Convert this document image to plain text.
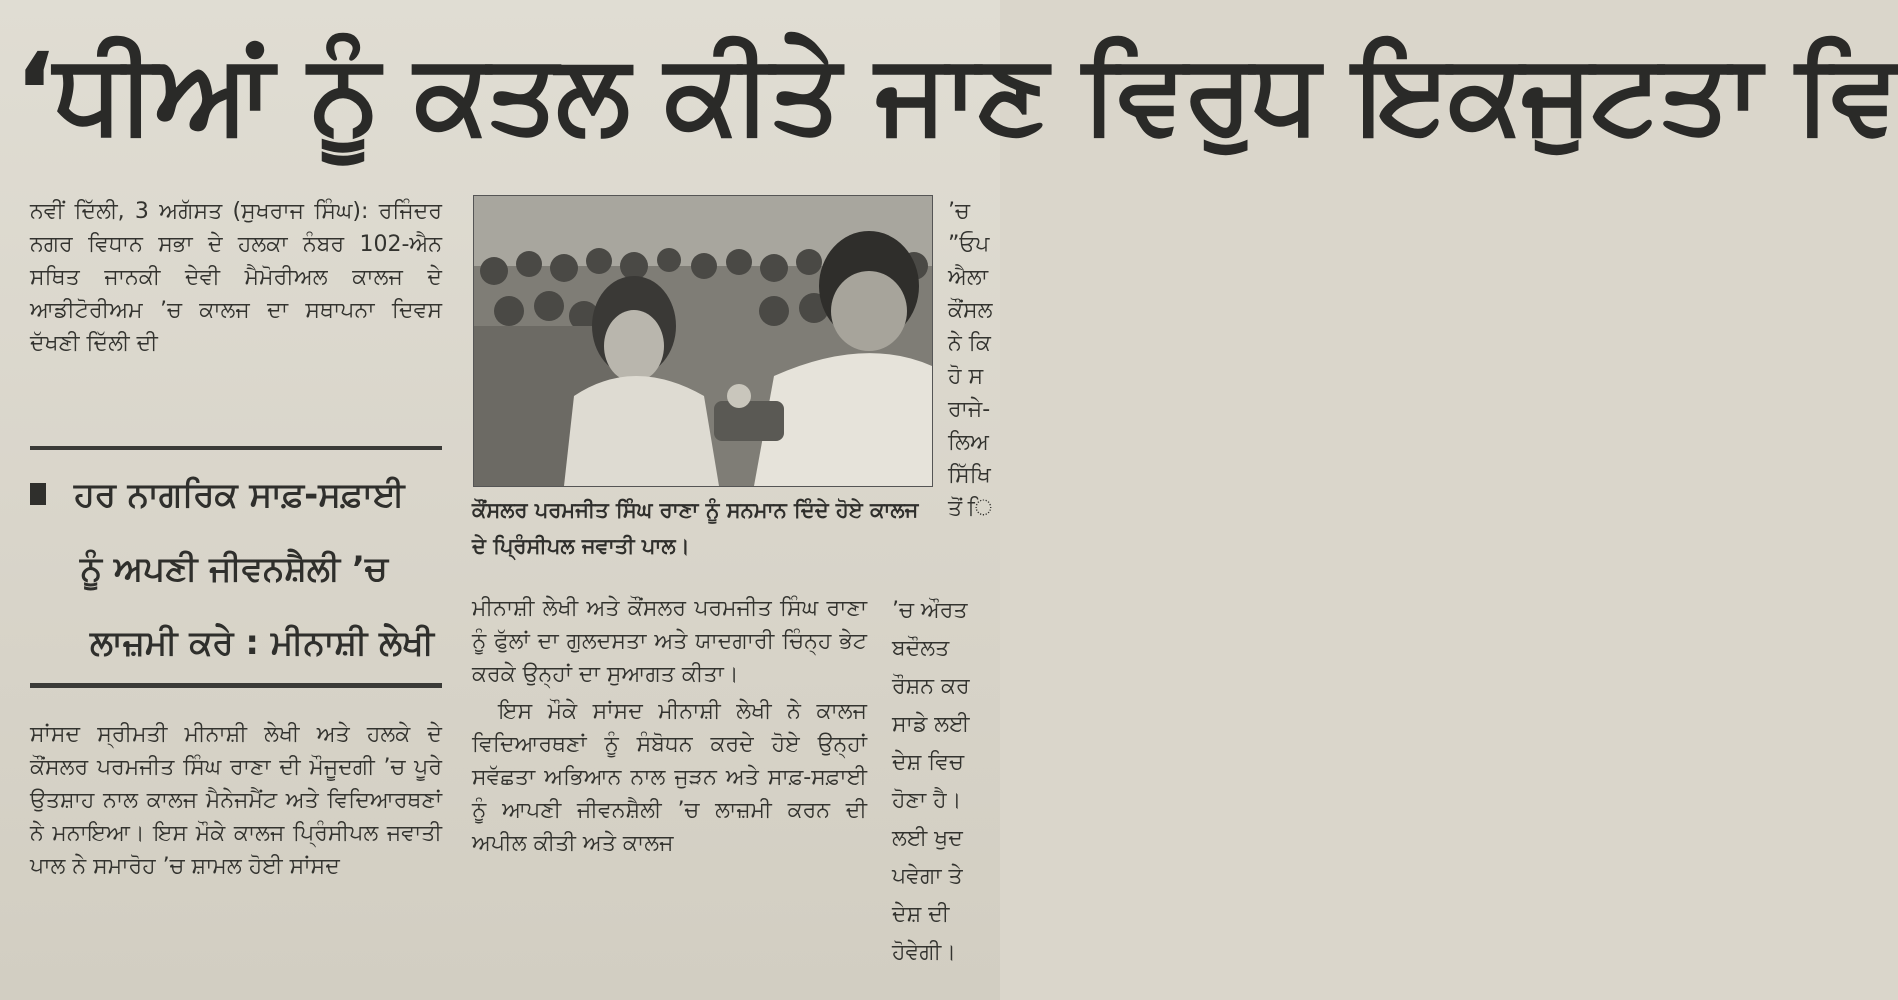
‘ਧੀਆਂ ਨੂੰ ਕਤਲ ਕੀਤੇ ਜਾਣ ਵਿਰੁਧ ਇਕਜੁਟਤਾ ਵਿ

ਨਵੀਂ ਦਿੱਲੀ, 3 ਅਗੱਸਤ (ਸੁਖਰਾਜ ਸਿੰਘ): ਰਜਿੰਦਰ ਨਗਰ ਵਿਧਾਨ ਸਭਾ ਦੇ ਹਲਕਾ ਨੰਬਰ 102-ਐਨ ਸਥਿਤ ਜਾਨਕੀ ਦੇਵੀ ਮੈਮੋਰੀਅਲ ਕਾਲਜ ਦੇ ਆਡੀਟੋਰੀਅਮ ’ਚ ਕਾਲਜ ਦਾ ਸਥਾਪਨਾ ਦਿਵਸ ਦੱਖਣੀ ਦਿੱਲੀ ਦੀ

ਹਰ ਨਾਗਰਿਕ ਸਾਫ਼-ਸਫ਼ਾਈ
ਨੂੰ ਅਪਣੀ ਜੀਵਨਸ਼ੈਲੀ ’ਚ
ਲਾਜ਼ਮੀ ਕਰੇ : ਮੀਨਾਸ਼ੀ ਲੇਖੀ

ਸਾਂਸਦ ਸ੍ਰੀਮਤੀ ਮੀਨਾਸ਼ੀ ਲੇਖੀ ਅਤੇ ਹਲਕੇ ਦੇ ਕੌਂਸਲਰ ਪਰਮਜੀਤ ਸਿੰਘ ਰਾਣਾ ਦੀ ਮੌਜੂਦਗੀ ’ਚ ਪੂਰੇ ਉਤਸ਼ਾਹ ਨਾਲ ਕਾਲਜ ਮੈਨੇਜਮੈਂਟ ਅਤੇ ਵਿਦਿਆਰਥਣਾਂ ਨੇ ਮਨਾਇਆ। ਇਸ ਮੌਕੇ ਕਾਲਜ ਪ੍ਰਿੰਸੀਪਲ ਜਵਾਤੀ ਪਾਲ ਨੇ ਸਮਾਰੋਹ ’ਚ ਸ਼ਾਮਲ ਹੋਈ ਸਾਂਸਦ

ਕੌਂਸਲਰ ਪਰਮਜੀਤ ਸਿੰਘ ਰਾਣਾ ਨੂੰ ਸਨਮਾਨ ਦਿੰਦੇ ਹੋਏ ਕਾਲਜ ਦੇ ਪ੍ਰਿੰਸੀਪਲ ਜਵਾਤੀ ਪਾਲ।

ਮੀਨਾਸ਼ੀ ਲੇਖੀ ਅਤੇ ਕੌਂਸਲਰ ਪਰਮਜੀਤ ਸਿੰਘ ਰਾਣਾ ਨੂੰ ਫੁੱਲਾਂ ਦਾ ਗੁਲਦਸਤਾ ਅਤੇ ਯਾਦਗਾਰੀ ਚਿੰਨ੍ਹ ਭੇਟ ਕਰਕੇ ਉਨ੍ਹਾਂ ਦਾ ਸੁਆਗਤ ਕੀਤਾ।

ਇਸ ਮੌਕੇ ਸਾਂਸਦ ਮੀਨਾਸ਼ੀ ਲੇਖੀ ਨੇ ਕਾਲਜ ਵਿਦਿਆਰਥਣਾਂ ਨੂੰ ਸੰਬੋਧਨ ਕਰਦੇ ਹੋਏ ਉਨ੍ਹਾਂ ਸਵੱਛਤਾ ਅਭਿਆਨ ਨਾਲ ਜੁੜਨ ਅਤੇ ਸਾਫ਼-ਸਫ਼ਾਈ ਨੂੰ ਆਪਣੀ ਜੀਵਨਸ਼ੈਲੀ ’ਚ ਲਾਜ਼ਮੀ ਕਰਨ ਦੀ ਅਪੀਲ ਕੀਤੀ ਅਤੇ ਕਾਲਜ

’ਚ
”ਓਪ
ਐਲਾ
ਕੌਂਸਲ
ਨੇ ਕਿ
ਹੋ ਸ
ਰਾਜੇ-
ਲਿਅ
ਸਿੱਖਿ
ਤੋਂ ਿ
’ਚ ਔਰਤ
ਬਦੌਲਤ
ਰੌਸ਼ਨ ਕਰ
ਸਾਡੇ ਲਈ
ਦੇਸ਼ ਵਿਚ
ਹੋਣਾ ਹੈ।
ਲਈ ਖੁਦ
ਪਵੇਗਾ ਤੇ
ਦੇਸ਼ ਦੀ
ਹੋਵੇਗੀ।
